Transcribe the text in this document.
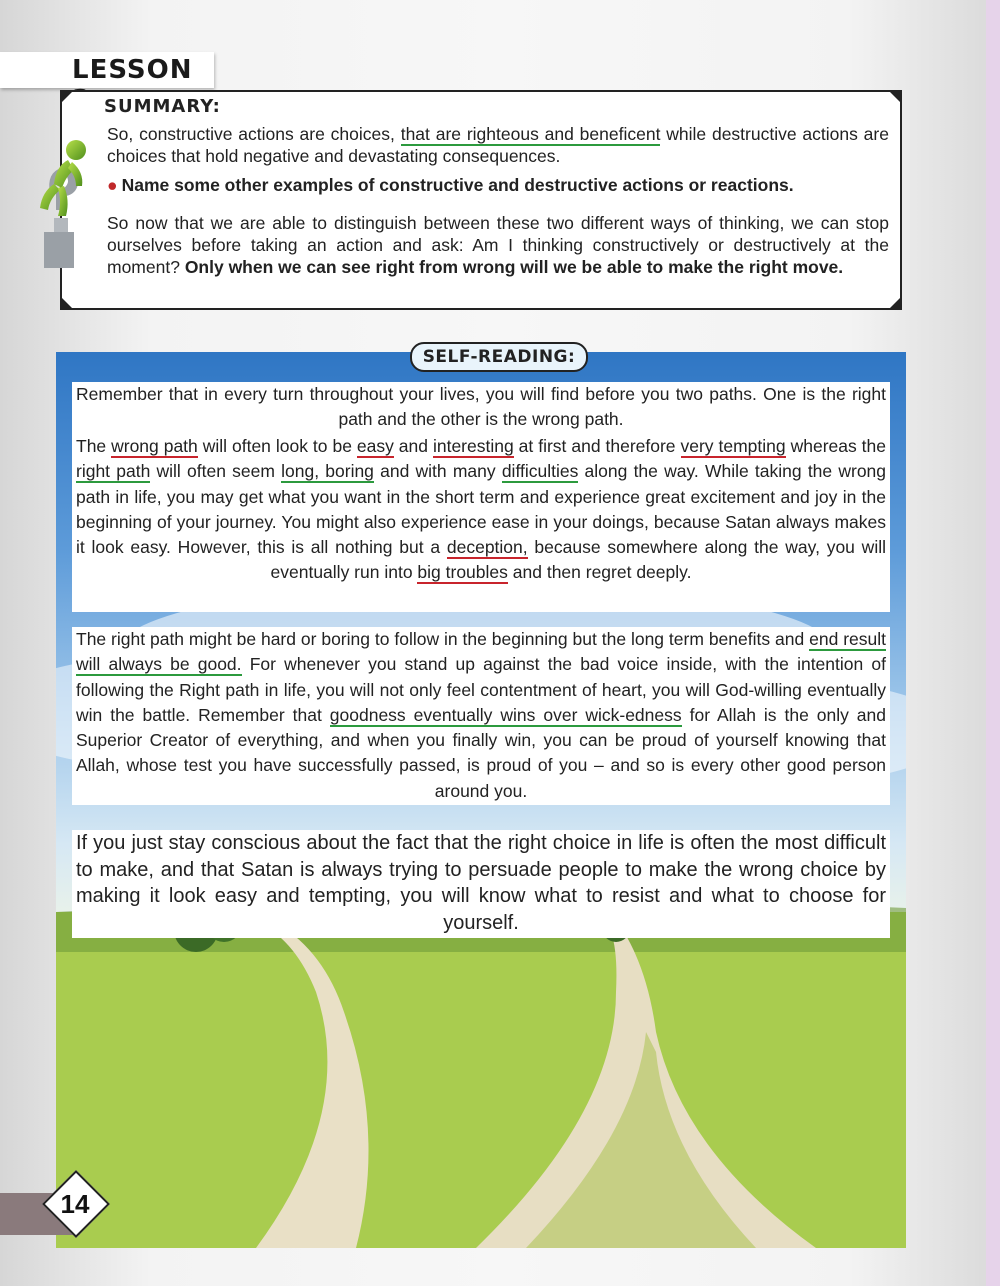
LESSON
SUMMARY:
So, constructive actions are choices, that are righteous and beneficent while destructive actions are choices that hold negative and devastating consequences.
● Name some other examples of constructive and destructive actions or reactions.
So now that we are able to distinguish between these two different ways of thinking, we can stop ourselves before taking an action and ask: Am I thinking constructively or destructively at the moment? Only when we can see right from wrong will we be able to make the right move.
SELF-READING:
Remember that in every turn throughout your lives, you will find before you two paths. One is the right path and the other is the wrong path.
The wrong path will often look to be easy and interesting at first and therefore very tempting whereas the right path will often seem long, boring and with many difficulties along the way. While taking the wrong path in life, you may get what you want in the short term and experience great excitement and joy in the beginning of your journey. You might also experience ease in your doings, because Satan always makes it look easy. However, this is all nothing but a deception, because somewhere along the way, you will eventually run into big troubles and then regret deeply.
The right path might be hard or boring to follow in the beginning but the long term benefits and end result will always be good. For whenever you stand up against the bad voice inside, with the intention of following the Right path in life, you will not only feel contentment of heart, you will God-willing eventually win the battle. Remember that goodness eventually wins over wick-edness for Allah is the only and Superior Creator of everything, and when you finally win, you can be proud of yourself knowing that Allah, whose test you have successfully passed, is proud of you – and so is every other good person around you.
If you just stay conscious about the fact that the right choice in life is often the most difficult to make, and that Satan is always trying to persuade people to make the wrong choice by making it look easy and tempting, you will know what to resist and what to choose for yourself.
14
